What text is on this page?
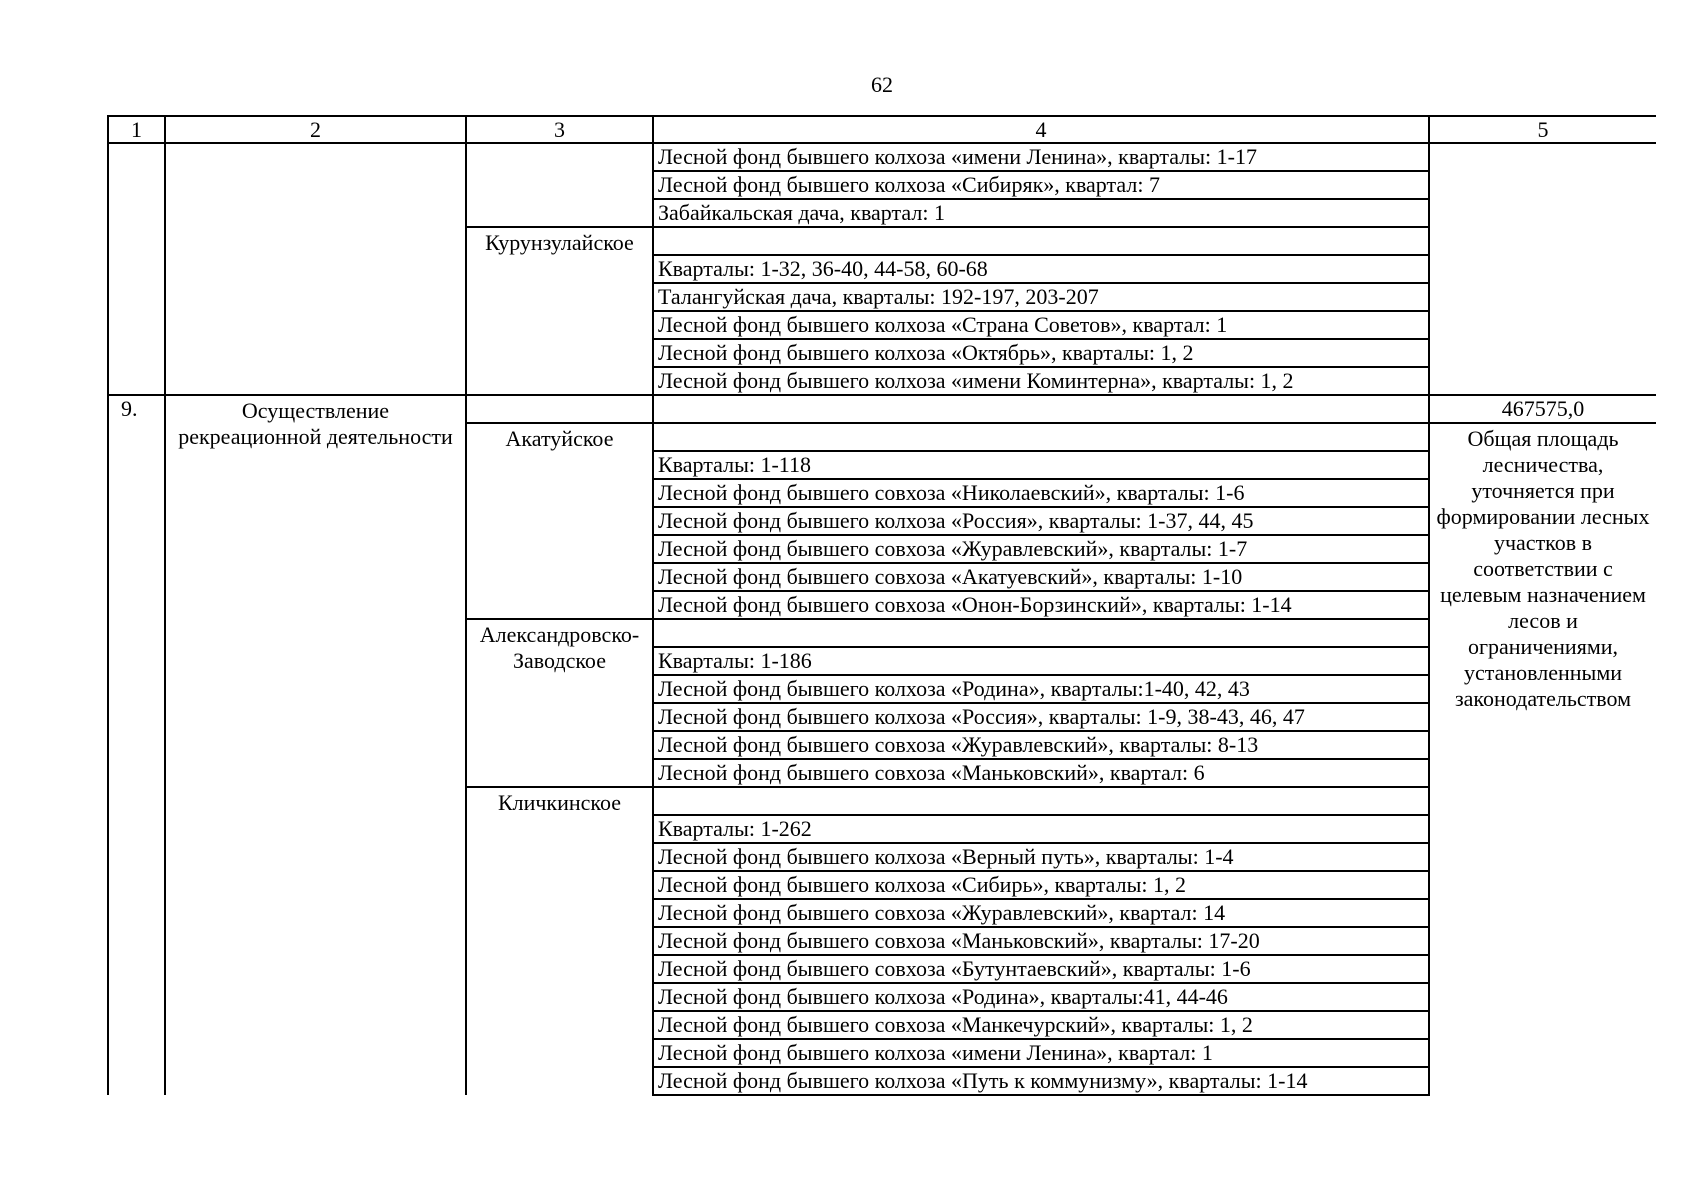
62
1	2	3	4	5
			Лесной фонд бывшего колхоза «имени Ленина», кварталы: 1-17	
			Лесной фонд бывшего колхоза «Сибиряк», квартал: 7	
			Забайкальская дача, квартал: 1	
		Курунзулайское		
			Кварталы: 1-32, 36-40, 44-58, 60-68	
			Талангуйская дача, кварталы: 192-197, 203-207	
			Лесной фонд бывшего колхоза «Страна Советов», квартал: 1	
			Лесной фонд бывшего колхоза «Октябрь», кварталы: 1, 2	
			Лесной фонд бывшего колхоза «имени Коминтерна», кварталы: 1, 2	
9.	Осуществление рекреационной деятельности			467575,0
		Акатуйское		Общая площадь лесничества, уточняется при формировании лесных участков в соответствии с целевым назначением лесов и ограничениями, установленными законодательством
			Кварталы: 1-118	
			Лесной фонд бывшего совхоза «Николаевский», кварталы: 1-6	
			Лесной фонд бывшего колхоза «Россия», кварталы: 1-37, 44, 45	
			Лесной фонд бывшего совхоза «Журавлевский», кварталы: 1-7	
			Лесной фонд бывшего совхоза «Акатуевский», кварталы: 1-10	
			Лесной фонд бывшего совхоза «Онон-Борзинский», кварталы: 1-14	
		Александровско-Заводское		
			Кварталы: 1-186	
			Лесной фонд бывшего колхоза «Родина», кварталы:1-40, 42, 43	
			Лесной фонд бывшего колхоза «Россия», кварталы: 1-9, 38-43, 46, 47	
			Лесной фонд бывшего совхоза «Журавлевский», кварталы: 8-13	
			Лесной фонд бывшего совхоза «Маньковский», квартал: 6	
		Кличкинское		
			Кварталы: 1-262	
			Лесной фонд бывшего колхоза «Верный путь», кварталы: 1-4	
			Лесной фонд бывшего колхоза «Сибирь», кварталы: 1, 2	
			Лесной фонд бывшего совхоза «Журавлевский», квартал: 14	
			Лесной фонд бывшего совхоза «Маньковский», кварталы: 17-20	
			Лесной фонд бывшего совхоза «Бутунтаевский», кварталы: 1-6	
			Лесной фонд бывшего колхоза «Родина», кварталы:41, 44-46	
			Лесной фонд бывшего совхоза «Манкечурский», кварталы: 1, 2	
			Лесной фонд бывшего колхоза «имени Ленина», квартал: 1	
			Лесной фонд бывшего колхоза «Путь к коммунизму», кварталы: 1-14	
